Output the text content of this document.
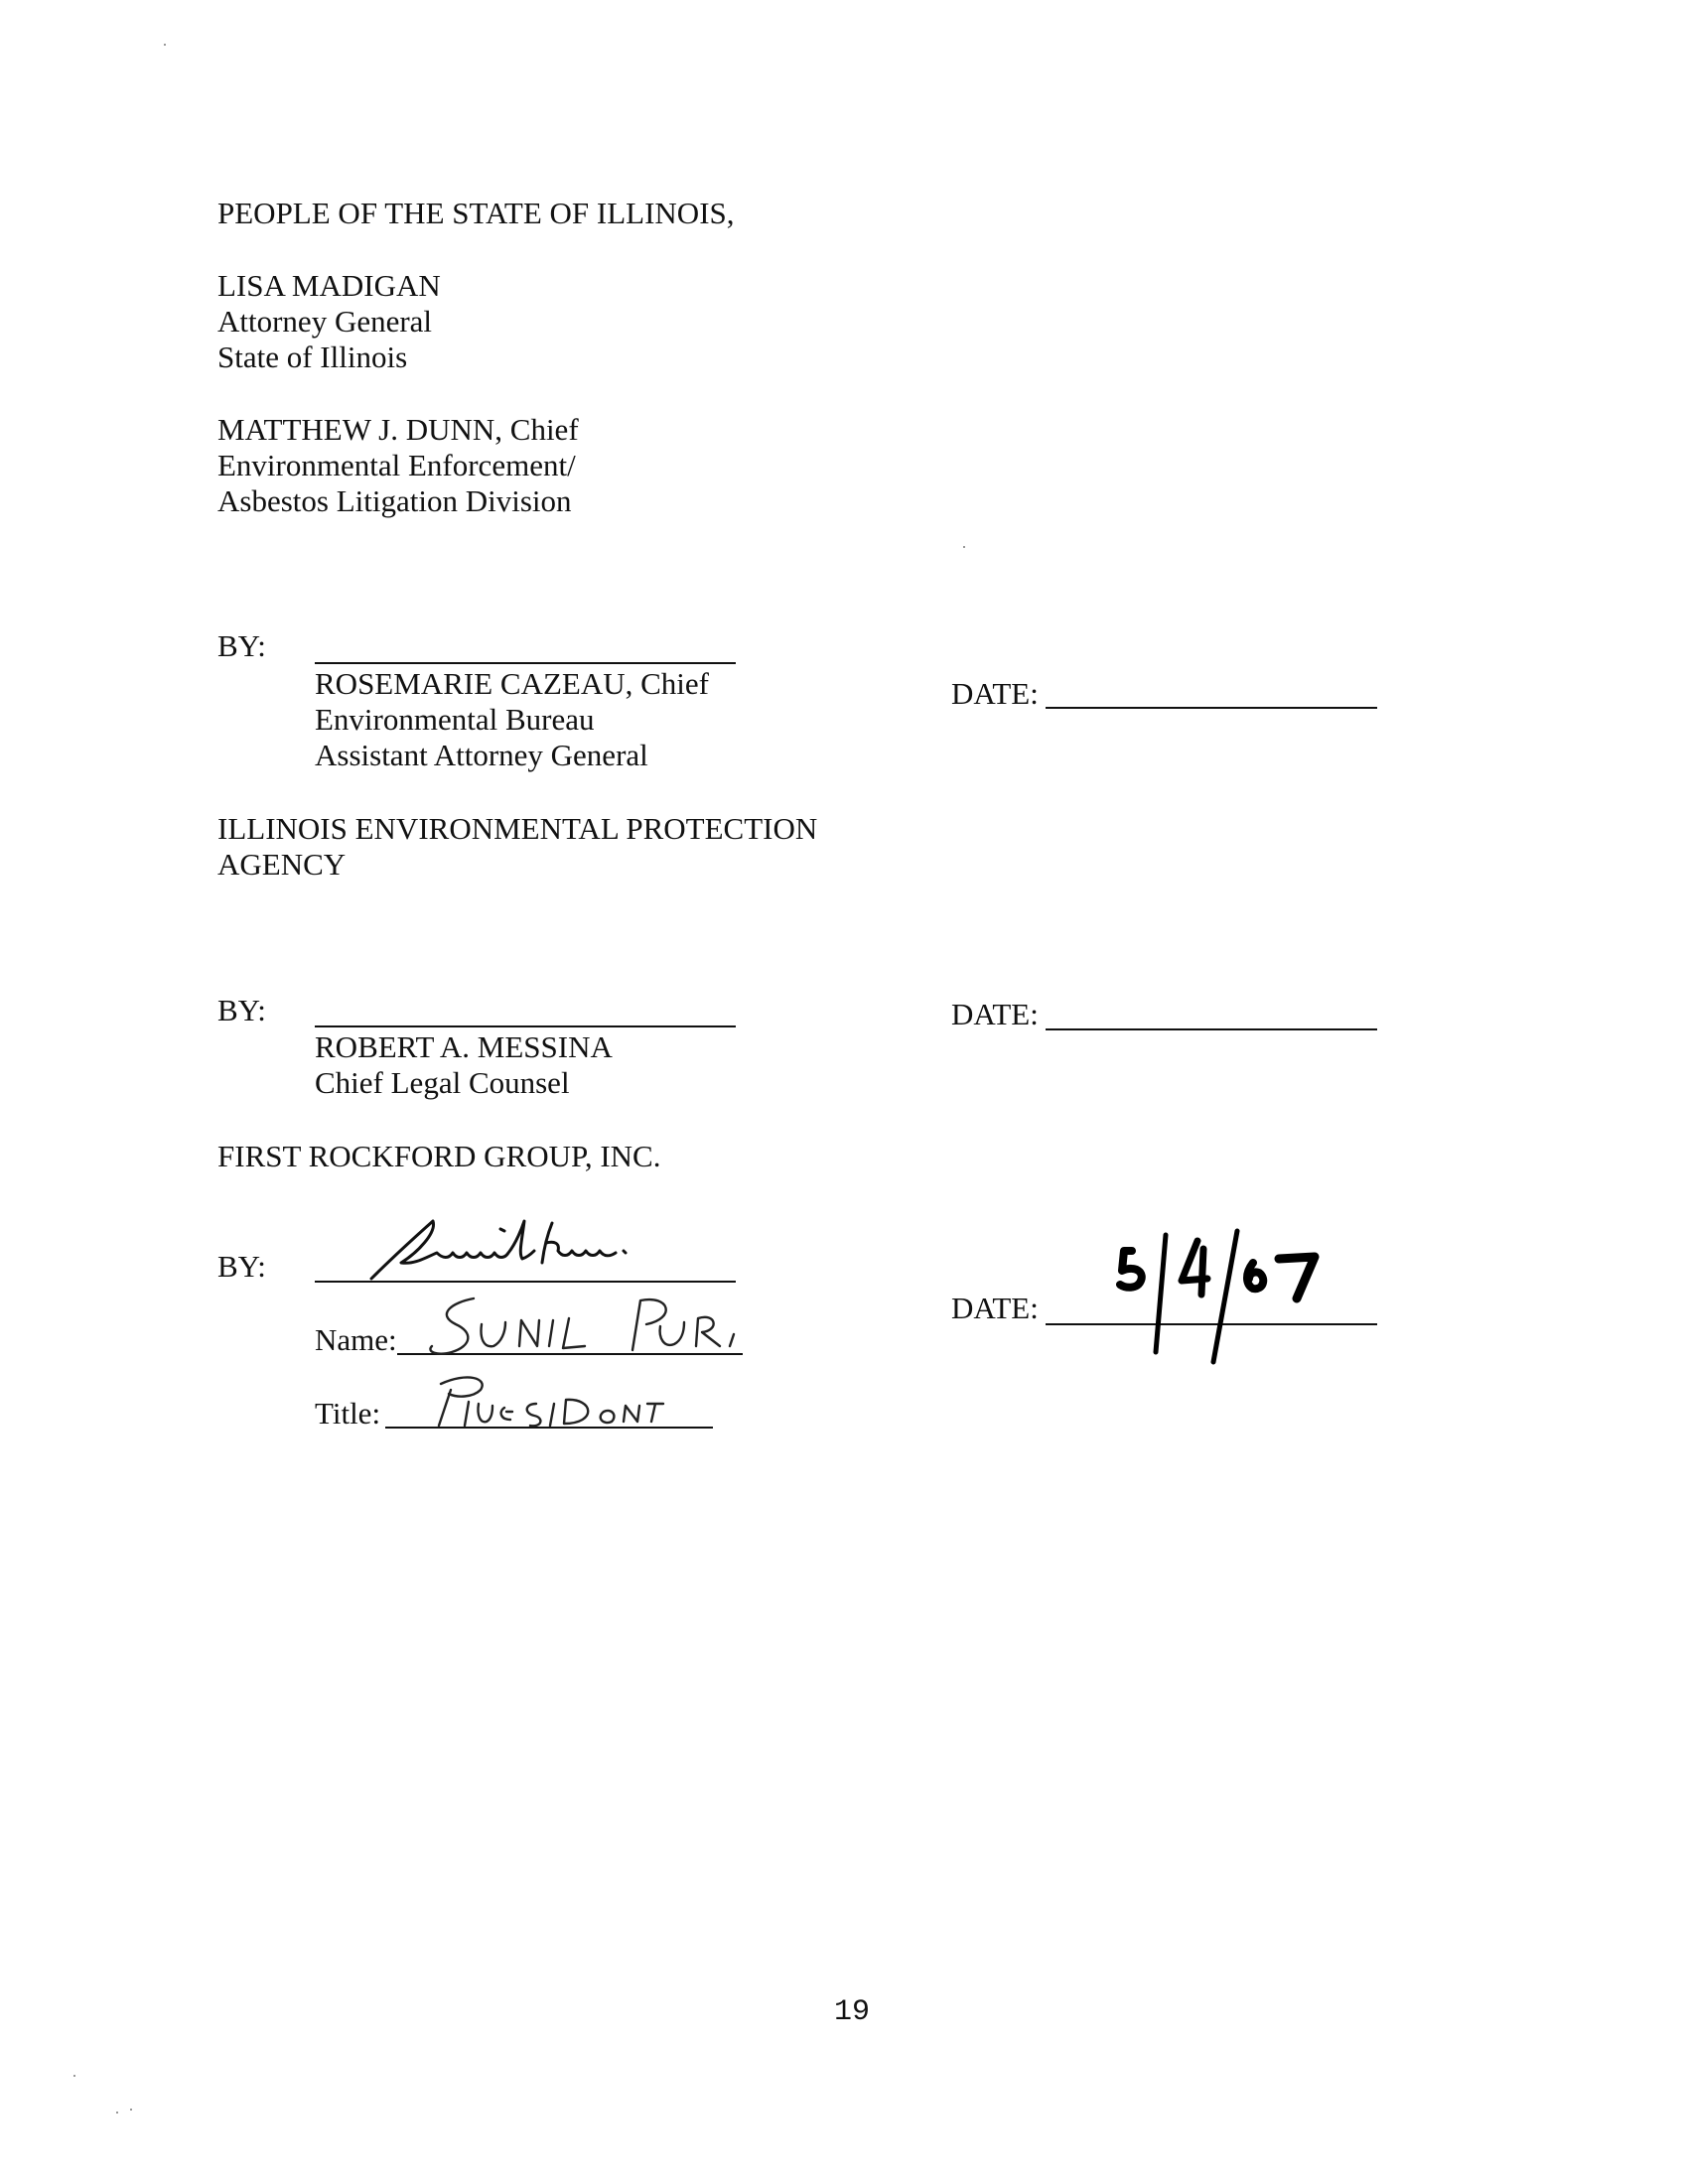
PEOPLE OF THE STATE OF ILLINOIS,
LISA MADIGAN
Attorney General
State of Illinois
MATTHEW J. DUNN, Chief
Environmental Enforcement/
Asbestos Litigation Division
BY:
ROSEMARIE CAZEAU, Chief
Environmental Bureau
Assistant Attorney General
DATE:
ILLINOIS ENVIRONMENTAL PROTECTION
AGENCY
BY:
ROBERT A. MESSINA
Chief Legal Counsel
DATE:
FIRST ROCKFORD GROUP, INC.
BY:
Name:
Title:
DATE:
19
